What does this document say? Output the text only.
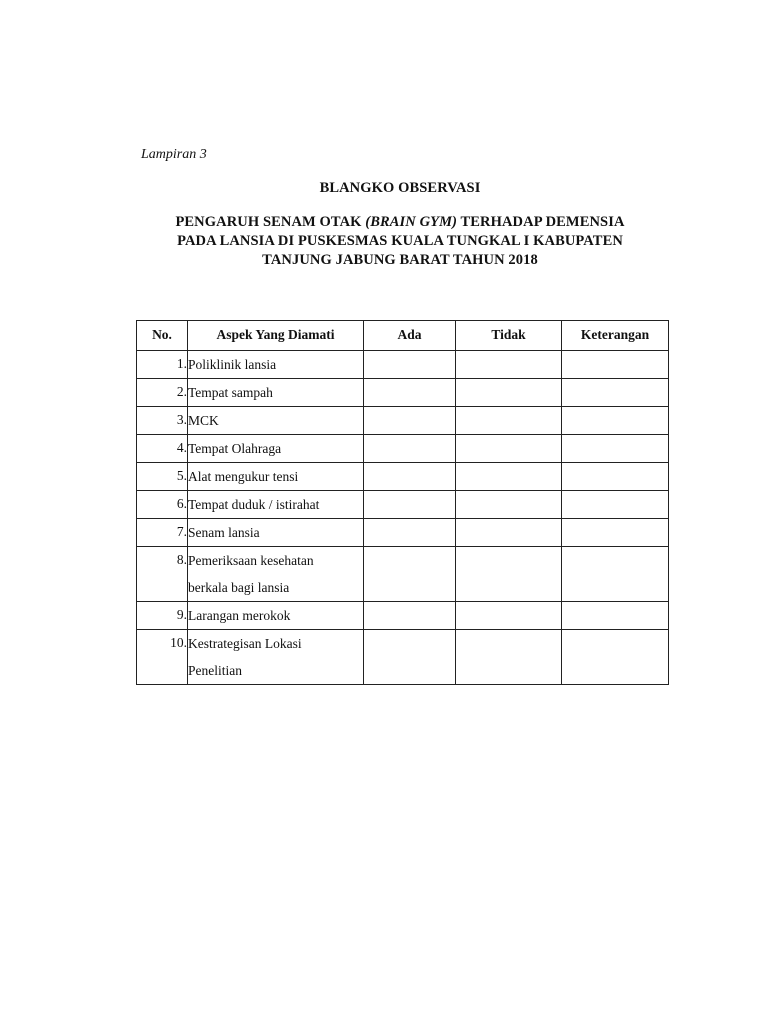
Lampiran 3
BLANGKO OBSERVASI
PENGARUH SENAM OTAK (BRAIN GYM) TERHADAP DEMENSIA
PADA LANSIA DI PUSKESMAS KUALA TUNGKAL I KABUPATEN
TANJUNG JABUNG BARAT TAHUN 2018
No.	Aspek Yang Diamati	Ada	Tidak	Keterangan
1.	Poliklinik lansia			

2.	Tempat sampah			

3.	MCK			

4.	Tempat Olahraga			

5.	Alat mengukur tensi			

6.	Tempat duduk / istirahat			

7.	Senam lansia			

8.	Pemeriksaan kesehatan
berkala bagi lansia			

9.	Larangan merokok			

10.	Kestrategisan Lokasi
Penelitian			
